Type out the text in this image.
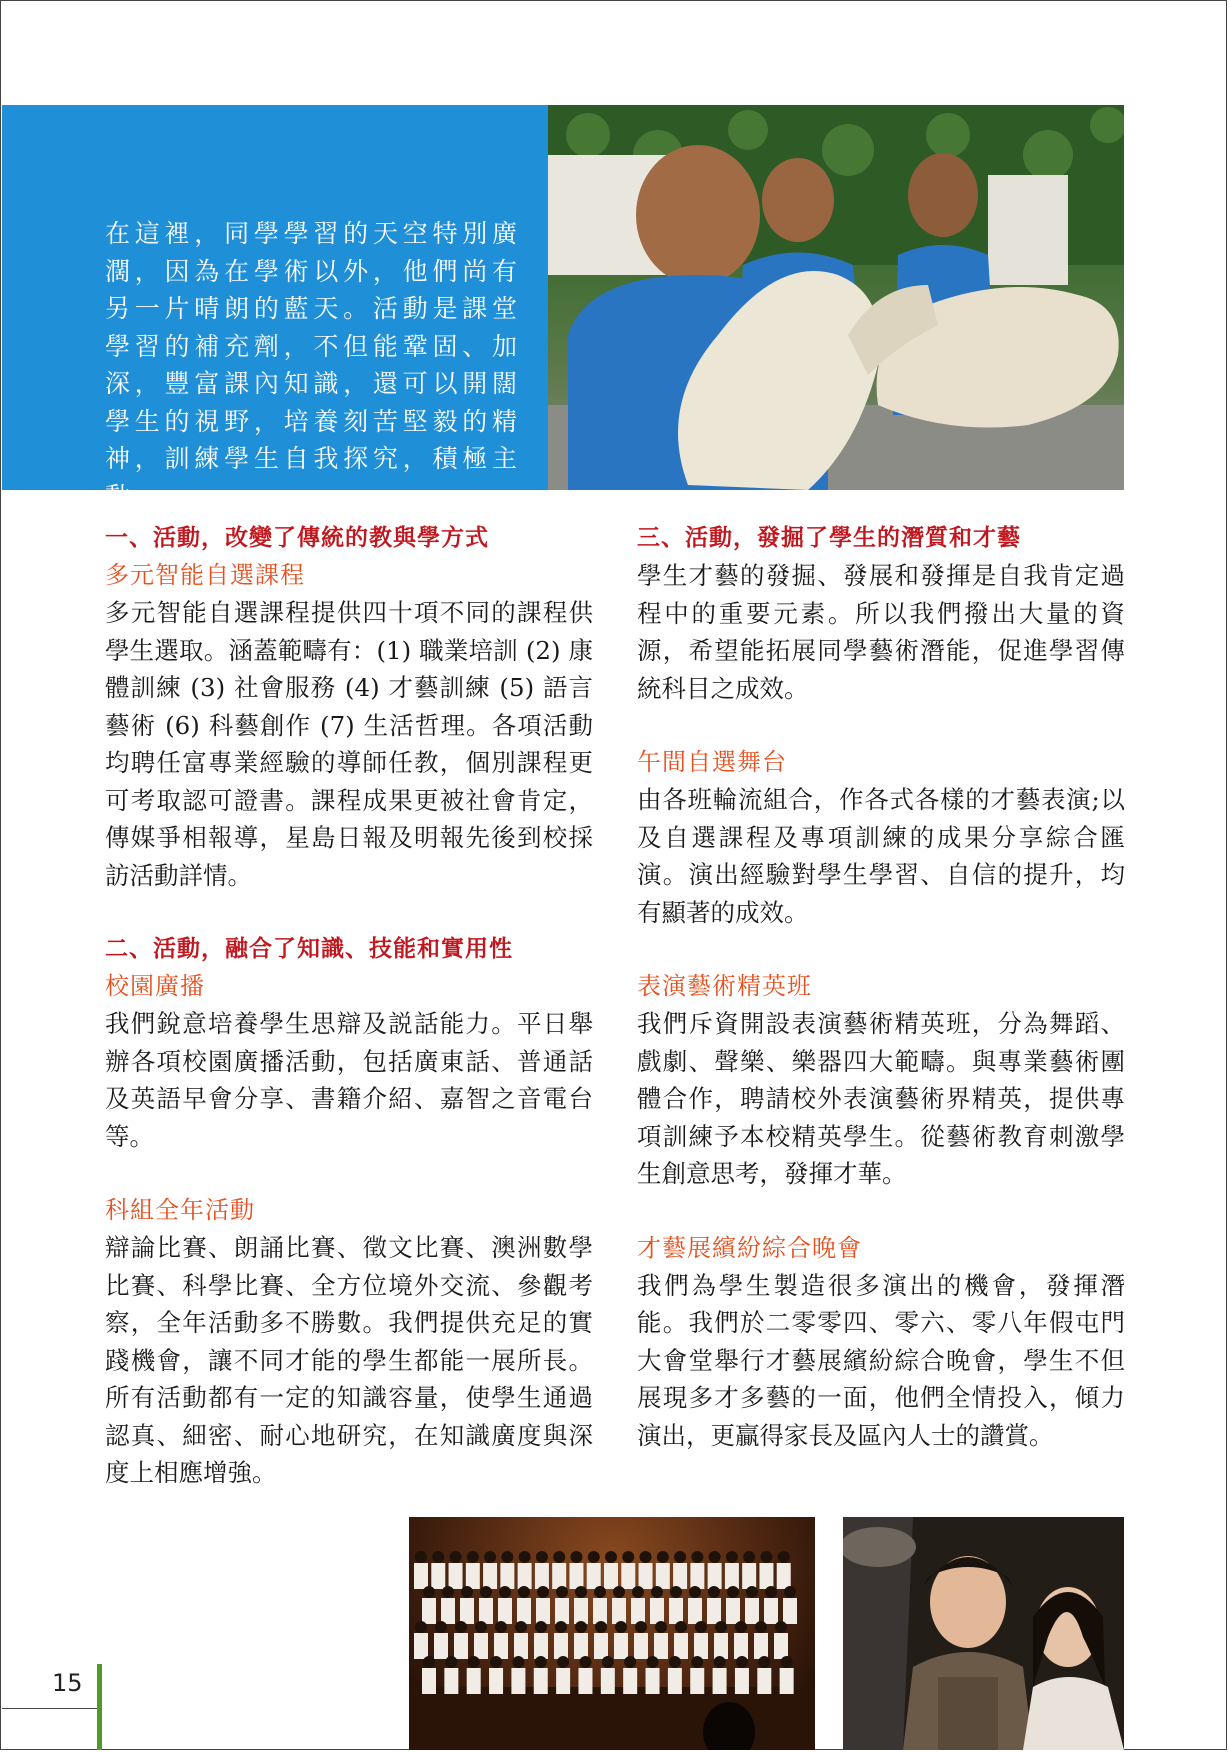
在這裡，同學學習的天空特別廣濶，因為在學術以外，他們尚有另一片晴朗的藍天。活動是課堂學習的補充劑，不但能鞏固、加深，豐富課內知識，還可以開闊學生的視野，培養刻苦堅毅的精神，訓練學生自我探究，積極主動。

一、活動，改變了傳統的教與學方式

多元智能自選課程

多元智能自選課程提供四十項不同的課程供學生選取。涵蓋範疇有：(1) 職業培訓 (2) 康體訓練 (3) 社會服務 (4) 才藝訓練 (5) 語言藝術 (6) 科藝創作 (7) 生活哲理。各項活動均聘任富專業經驗的導師任教，個別課程更可考取認可證書。課程成果更被社會肯定，傳媒爭相報導，星島日報及明報先後到校採訪活動詳情。

二、活動，融合了知識、技能和實用性

校園廣播

我們銳意培養學生思辯及説話能力。平日舉辦各項校園廣播活動，包括廣東話、普通話及英語早會分享、書籍介紹、嘉智之音電台等。

科組全年活動

辯論比賽、朗誦比賽、徵文比賽、澳洲數學比賽、科學比賽、全方位境外交流、參觀考察，全年活動多不勝數。我們提供充足的實踐機會，讓不同才能的學生都能一展所長。所有活動都有一定的知識容量，使學生通過認真、細密、耐心地研究，在知識廣度與深度上相應增強。

三、活動，發掘了學生的潛質和才藝

學生才藝的發掘、發展和發揮是自我肯定過程中的重要元素。所以我們撥出大量的資源，希望能拓展同學藝術潛能，促進學習傳統科目之成效。

午間自選舞台

由各班輪流組合，作各式各樣的才藝表演;以及自選課程及專項訓練的成果分享綜合匯演。演出經驗對學生學習、自信的提升，均有顯著的成效。

表演藝術精英班

我們斥資開設表演藝術精英班，分為舞蹈、戲劇、聲樂、樂器四大範疇。與專業藝術團體合作，聘請校外表演藝術界精英，提供專項訓練予本校精英學生。從藝術教育刺激學生創意思考，發揮才華。

才藝展繽紛綜合晚會

我們為學生製造很多演出的機會，發揮潛能。我們於二零零四、零六、零八年假屯門大會堂舉行才藝展繽紛綜合晚會，學生不但展現多才多藝的一面，他們全情投入，傾力演出，更贏得家長及區內人士的讚賞。

15
